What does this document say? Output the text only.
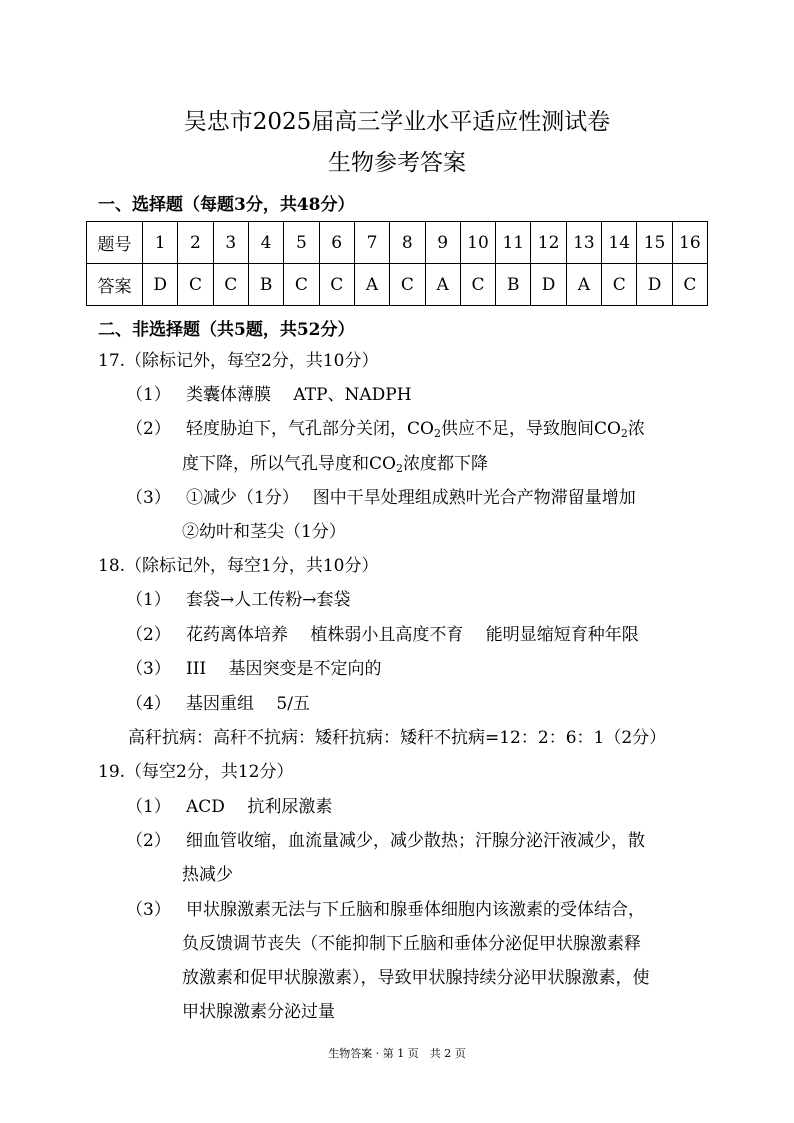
吴忠市2025届高三学业水平适应性测试卷
生物参考答案
一、选择题（每题3分，共48分）
题号	1	2	3	4	5	6	7	8	9	10	11	12	13	14	15	16
答案	D	C	C	B	C	C	A	C	A	C	B	D	A	C	D	C
二、非选择题（共5题，共52分）
17.（除标记外，每空2分，共10分）
（1） 类囊体薄膜　 ATP、NADPH
（2） 轻度胁迫下，气孔部分关闭，$CO_2$供应不足，导致胞间$CO_2$浓
度下降，所以气孔导度和$CO_2$浓度都下降
（3） ①减少（1分）　 图中干旱处理组成熟叶光合产物滞留量增加
②幼叶和茎尖（1分）
18.（除标记外，每空1分，共10分）
（1） 套袋→人工传粉→套袋
（2） 花药离体培养　 植株弱小且高度不育　 能明显缩短育种年限
（3） III　 基因突变是不定向的
（4） 基因重组　 5/五
高秆抗病：高秆不抗病：矮秆抗病：矮秆不抗病=12：2：6：1（2分）
19.（每空2分，共12分）
（1） ACD　 抗利尿激素
（2） 细血管收缩，血流量减少，减少散热；汗腺分泌汗液减少，散
热减少
（3） 甲状腺激素无法与下丘脑和腺垂体细胞内该激素的受体结合，
负反馈调节丧失（不能抑制下丘脑和垂体分泌促甲状腺激素释
放激素和促甲状腺激素），导致甲状腺持续分泌甲状腺激素，使
甲状腺激素分泌过量
生物答案 · 第 1 页　共 2 页
